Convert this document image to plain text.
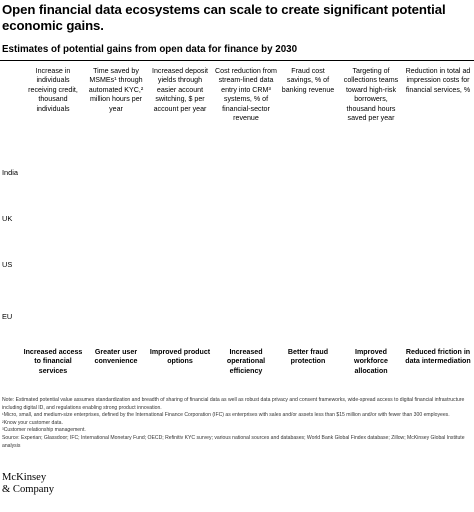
Open financial data ecosystems can scale to create significant potential economic gains.
Estimates of potential gains from open data for finance by 2030
Increase in individuals receiving credit, thousand individuals
Time saved by MSMEs¹ through automated KYC,² million hours per year
Increased deposit yields through easier account switching, $ per account per year
Cost reduction from stream-lined data entry into CRM³ systems, % of financial-sector revenue
Fraud cost savings, % of banking revenue
Targeting of collections teams toward high-risk borrowers, thousand hours saved per year
Reduction in total ad impression costs for financial services, %
India
UK
US
EU
Increased access to financial services
Greater user convenience
Improved product options
Increased operational efficiency
Better fraud protection
Improved workforce allocation
Reduced friction in data intermediation

Note: Estimated potential value assumes standardization and breadth of sharing of financial data as well as robust data privacy and consent frameworks, wide-spread access to digital financial infrastructure including digital ID, and regulations enabling strong product innovation.

¹Micro, small, and medium-size enterprises, defined by the International Finance Corporation (IFC) as enterprises with sales and/or assets less than $15 million and/or with fewer than 300 employees.

²Know your customer data.

³Customer relationship management.

Source: Experian; Glassdoor; IFC; International Monetary Fund; OECD; Refinitiv KYC survey; various national sources and databases; World Bank Global Findex database; Zillow; McKinsey Global Institute analysis

McKinsey
& Company
